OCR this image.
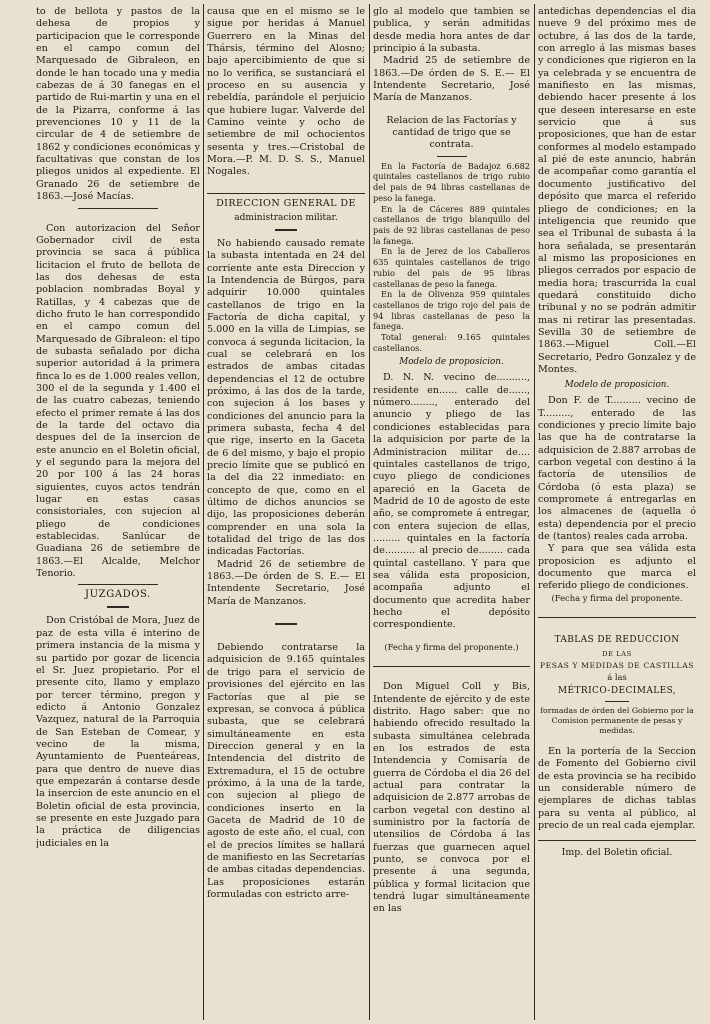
to de bellota y pastos de la dehesa de propios y participacion que le corresponde en el campo comun del Marquesado de Gibraleon, en donde le han tocado una y media cabezas de á 30 fanegas en el partido de Rui-martin y una en el de la Pizarra, conforme á las prevenciones 10 y 11 de la circular de 4 de setiembre de 1862 y condiciones económicas y facultativas que constan de los pliegos unidos al expediente. El Granado 26 de setiembre de 1863.—José Macías.

Con autorizacion del Señor Gobernador civil de esta provincia se saca á pública licitacion el fruto de bellota de las dos dehesas de esta poblacion nombradas Boyal y Ratillas, y 4 cabezas que de dicho fruto le han correspondido en el campo comun del Marquesado de Gibraleon: el tipo de subasta señalado por dicha superior autoridad á la primera finca lo es de 1.000 reales vellon, 300 el de la segunda y 1.400 el de las cuatro cabezas, teniendo efecto el primer remate á las dos de la tarde del octavo dia despues del de la insercion de este anuncio en el Boletin oficial, y el segundo para la mejora del 20 por 100 á las 24 horas siguientes, cuyos actos tendrán lugar en estas casas consistoriales, con sujecion al pliego de condiciones establecidas. Sanlúcar de Guadiana 26 de setiembre de 1863.—El Alcalde, Melchor Tenorio.

JUZGADOS.

Don Cristóbal de Mora, Juez de paz de esta villa é interino de primera instancia de la misma y su partido por gozar de licencia el Sr. Juez propietario. Por el presente cito, llamo y emplazo por tercer término, pregon y edicto á Antonio Gonzalez Vazquez, natural de la Parroquia de San Esteban de Comear, y vecino de la misma, Ayuntamiento de Puenteáreas, para que dentro de nueve dias que empezarán á contarse desde la insercion de este anuncio en el Boletin oficial de esta provincia, se presente en este Juzgado para la práctica de diligencias judiciales en la

causa que en el mismo se le sigue por heridas á Manuel Guerrero en la Minas del Thársis, término del Alosno; bajo apercibimiento de que si no lo verifica, se sustanciará el proceso en su ausencia y rebeldía, parándole el perjuicio que hubiere lugar. Valverde del Camino veinte y ocho de setiembre de mil ochocientos sesenta y tres.—Cristobal de Mora.—P. M. D. S. S., Manuel Nogales.

DIRECCION GENERAL DE

administracion militar.

No habiendo causado remate la subasta intentada en 24 del corriente ante esta Direccion y la Intendencia de Búrgos, para adquirir 10.000 quintales castellanos de trigo en la Factoría de dicha capital, y 5.000 en la villa de Limpias, se convoca á segunda licitacion, la cual se celebrará en los estrados de ambas citadas dependencias el 12 de octubre próximo, á las dos de la tarde, con sujecion á los bases y condiciones del anuncio para la primera subasta, fecha 4 del que rige, inserto en la Gaceta de 6 del mismo, y bajo el propio precio límite que se publicó en la del dia 22 inmediato: en concepto de que, como en el último de dichos anuncios se dijo, las proposiciones deberán comprender en una sola la totalidad del trigo de las dos indicadas Factorías.

Madrid 26 de setiembre de 1863.—De órden de S. E.— El Intendente Secretario, José María de Manzanos.

Debiendo contratarse la adquisicion de 9.165 quintales de trigo para el servicio de provisiones del ejército en las Factorías que al pie se expresan, se convoca á pública subasta, que se celebrará simultáneamente en esta Direccion general y en la Intendencia del distrito de Extremadura, el 15 de octubre próximo, á la una de la tarde, con sujecion al pliego de condiciones inserto en la Gaceta de Madrid de 10 de agosto de este año, el cual, con el de precios límites se hallará de manifiesto en las Secretarías de ambas citadas dependencias. Las proposiciones estarán formuladas con estricto arre-

glo al modelo que tambien se publica, y serán admitidas desde media hora antes de dar principio á la subasta.

Madrid 25 de setiembre de 1863.—De órden de S. E.— El Intendente Secretario, José María de Manzanos.

Relacion de las Factorías y cantidad de trigo que se contrata.

En la Factoría de Badajoz 6.682 quintales castellanos de trigo rubio del pais de 94 libras castellanas de peso la fanega.

En la de Cáceres 889 quintales castellanos de trigo blanquillo del pais de 92 libras castellanas de peso la fanega.

En la de Jerez de los Caballeros 635 quintales castellanos de trigo rubio del pais de 95 libras castellanas de peso la fanega.

En la de Olivenza 959 quintales castellanos de trigo rojo del pais de 94 libras castellanas de peso la fanega.

Total general: 9.165 quintales castellanos.

Modelo de proposicion.

D. N. N. vecino de.........., residente en...... calle de......, número........, enterado del anuncio y pliego de las condiciones establecidas para la adquisicion por parte de la Administracion militar de.... quintales castellanos de trigo, cuyo pliego de condiciones apareció en la Gaceta de Madrid de 10 de agosto de este año, se compromete á entregar, con entera sujecion de ellas, ......... quintales en la factoría de.......... al precio de........ cada quintal castellano. Y para que sea válida esta proposicion, acompaña adjunto el documento que acredita haber hecho el depósito correspondiente.

(Fecha y firma del proponente.)

Don Miguel Coll y Bis, Intendente de ejército y de este distrito. Hago saber: que no habiendo ofrecido resultado la subasta simultánea celebrada en los estrados de esta Intendencia y Comisaría de guerra de Córdoba el dia 26 del actual para contratar la adquisicion de 2.877 arrobas de carbon vegetal con destino al suministro por la factoría de utensilios de Córdoba á las fuerzas que guarnecen aquel punto, se convoca por el presente á una segunda, pública y formal licitacion que tendrá lugar simultáneamente en las

antedichas dependencias el dia nueve 9 del próximo mes de octubre, á las dos de la tarde, con arreglo á las mismas bases y condiciones que rigieron en la ya celebrada y se encuentra de manifiesto en las mismas, debiendo hacer presente á los que deseen interesarse en este servicio que á sus proposiciones, que han de estar conformes al modelo estampado al pié de este anuncio, habrán de acompañar como garantía el documento justificativo del depósito que marca el referido pliego de condiciones; en la inteligencia que reunido que sea el Tribunal de subasta á la hora señalada, se presentarán al mismo las proposiciones en pliegos cerrados por espacio de media hora; trascurrida la cual quedará constituido dicho tribunal y no se podrán admitir mas ni retirar las presentadas. Sevilla 30 de setiembre de 1863.—Miguel Coll.—El Secretario, Pedro Gonzalez y de Montes.

Modelo de proposicion.

Don F. de T.......... vecino de T........., enterado de las condiciones y precio límite bajo las que ha de contratarse la adquisicion de 2.887 arrobas de carbon vegetal con destino á la factoría de utensilios de Córdoba (ó esta plaza) se compromete á entregarlas en los almacenes de (aquella ó esta) dependencia por el precio de (tantos) reales cada arroba.

Y para que sea válida esta proposicion es adjunto el documento que marca el referido pliego de condiciones.

(Fecha y firma del proponente.

TABLAS DE REDUCCION

DE LAS

PESAS Y MEDIDAS DE CASTILLAS

á las

MÉTRICO-DECIMALES,

formadas de órden del Gobierno por la Comision permanente de pesas y medidas.

En la portería de la Seccion de Fomento del Gobierno civil de esta provincia se ha recibido un considerable número de ejemplares de dichas tablas para su venta al público, al precio de un real cada ejemplar.

Imp. del Boletin oficial.
